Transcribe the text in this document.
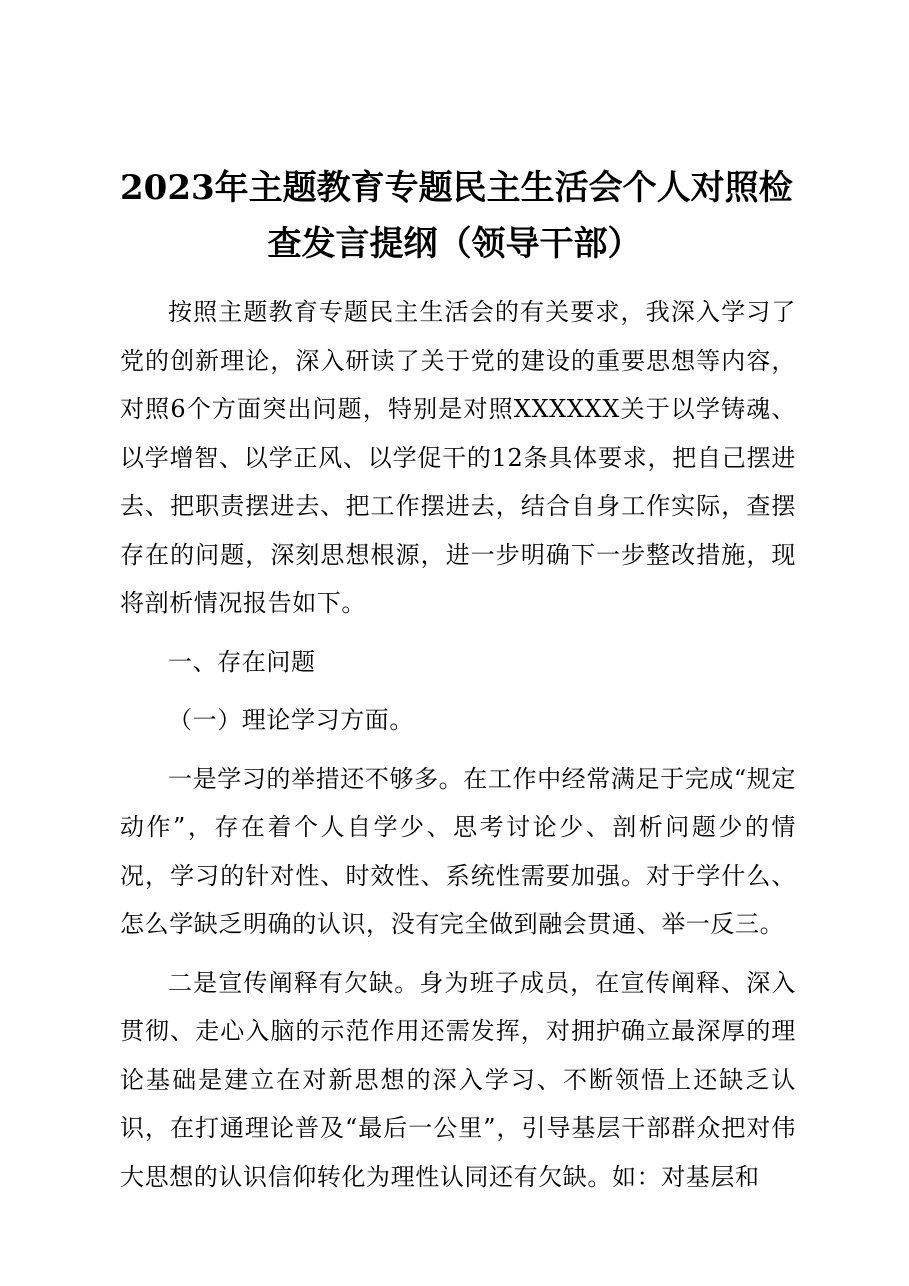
2023年主题教育专题民主生活会个人对照检
查发言提纲（领导干部）

按照主题教育专题民主生活会的有关要求，我深入学习了党的创新理论，深入研读了关于党的建设的重要思想等内容，对照6个方面突出问题，特别是对照XXXXXX关于以学铸魂、以学增智、以学正风、以学促干的12条具体要求，把自己摆进去、把职责摆进去、把工作摆进去，结合自身工作实际，查摆存在的问题，深刻思想根源，进一步明确下一步整改措施，现将剖析情况报告如下。

一、存在问题

（一）理论学习方面。

一是学习的举措还不够多。在工作中经常满足于完成“规定动作”，存在着个人自学少、思考讨论少、剖析问题少的情况，学习的针对性、时效性、系统性需要加强。对于学什么、怎么学缺乏明确的认识，没有完全做到融会贯通、举一反三。

二是宣传阐释有欠缺。身为班子成员，在宣传阐释、深入贯彻、走心入脑的示范作用还需发挥，对拥护确立最深厚的理论基础是建立在对新思想的深入学习、不断领悟上还缺乏认识，在打通理论普及“最后一公里”，引导基层干部群众把对伟大思想的认识信仰转化为理性认同还有欠缺。如：对基层和
